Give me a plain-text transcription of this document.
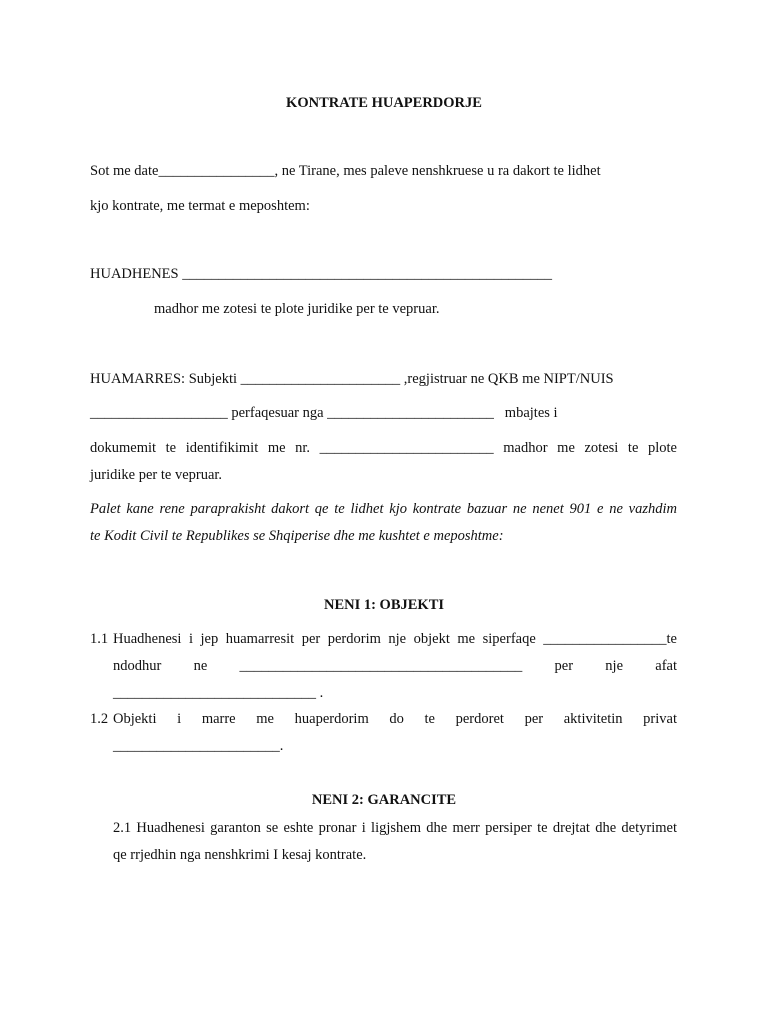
KONTRATE HUAPERDORJE
Sot me date________________, ne Tirane, mes paleve nenshkruese u ra dakort te lidhet
kjo kontrate, me termat e meposhtem:
HUADHENES ___________________________________________________
madhor me zotesi te plote juridike per te vepruar.
HUAMARRES: Subjekti ______________________ ,regjistruar ne QKB me NIPT/NUIS
___________________ perfaqesuar nga _______________________   mbajtes i
dokumemit te identifikimit me nr. ________________________ madhor me zotesi te plote
juridike per te vepruar.
Palet kane rene paraprakisht dakort qe te lidhet kjo kontrate bazuar ne nenet 901 e ne vazhdim
te Kodit Civil te Republikes se Shqiperise dhe me kushtet e meposhtme:
NENI 1: OBJEKTI
1.1 Huadhenesi i jep huamarresit per perdorim nje objekt me siperfaqe _________________te
ndodhur ne _______________________________________ per nje afat
____________________________ .
1.2 Objekti i marre me huaperdorim do te perdoret per aktivitetin privat
_______________________.
NENI 2: GARANCITE
2.1 Huadhenesi garanton se eshte pronar i ligjshem dhe merr persiper te drejtat dhe detyrimet
qe rrjedhin nga nenshkrimi I kesaj kontrate.
